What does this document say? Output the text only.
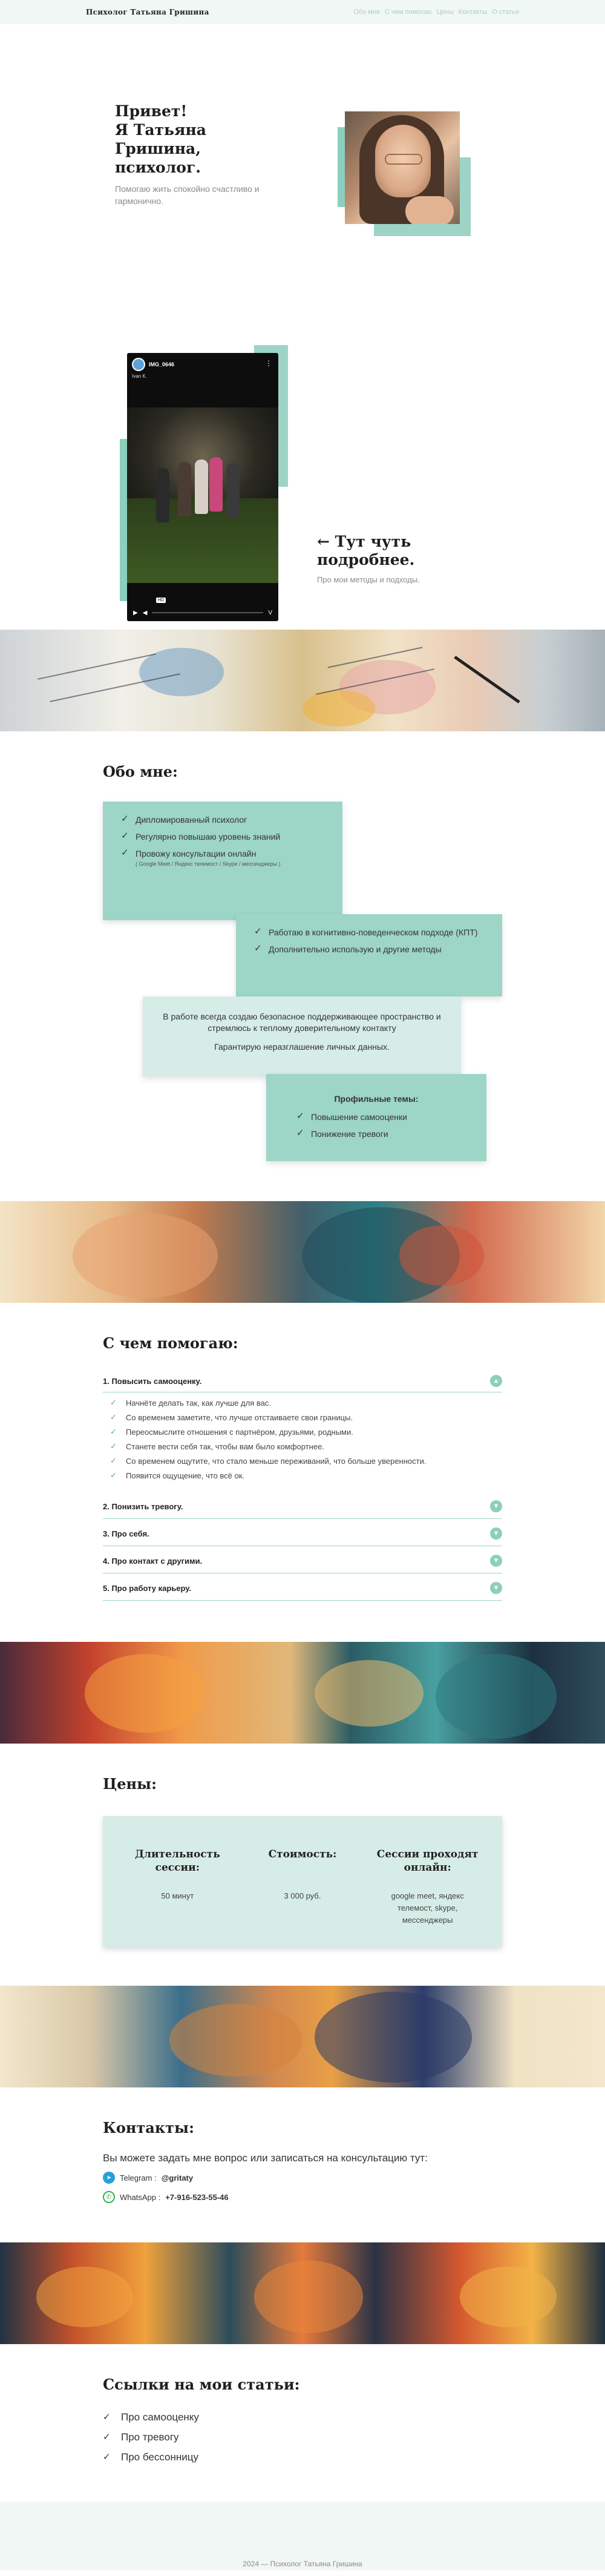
Психолог Татьяна Гришина	Обо мне С чем помогаю Цены Контакты О статьи
Привет!
Я Татьяна Гришина,
психолог.

Помогаю жить спокойно счастливо и гармонично.

IMG_0646
Ivan K.
⋮
HD
▶ ◀	V
← Тут чуть
подробнее.

Про мои методы и подходы.

Обо мне:
✓ Дипломированный психолог
✓ Регулярно повышаю уровень знаний
✓ Провожу консультации онлайн
( Google Meet / Яндекс телемост / Skype / мессенджеры )
✓ Работаю в когнитивно-поведенческом подходе (КПТ)
✓ Дополнительно использую и другие методы
В работе всегда создаю безопасное поддерживающее пространство и стремлюсь к теплому доверительному контакту
Гарантирую неразглашение личных данных.
Профильные темы:
✓ Повышение самооценки
✓ Понижение тревоги
С чем помогаю:
1. Повысить самооценку.	▲
✓	Начнёте делать так, как лучше для вас.
✓	Со временем заметите, что лучше отстаиваете свои границы.
✓	Переосмыслите отношения с партнёром, друзьями, родными.
✓	Станете вести себя так, чтобы вам было комфортнее.
✓	Со временем ощутите, что стало меньше переживаний, что больше уверенности.
✓	Появится ощущение, что всё ок.
2. Понизить тревогу.	▼
3. Про себя.	▼
4. Про контакт с другими.	▼
5. Про работу карьеру.	▼
Цены:
Длительность сессии:
50 минут
Стоимость:
3 000 руб.
Сессии проходят онлайн:
google meet, яндекс телемост, skype, мессенджеры
Контакты:
Вы можете задать мне вопрос или записаться на консультацию тут:
➤	Telegram : @gritaty
✆	WhatsApp : +7-916-523-55-46
Ссылки на мои статьи:
✓ Про самооценку
✓ Про тревогу
✓ Про бессонницу
2024 — Психолог Татьяна Гришина
